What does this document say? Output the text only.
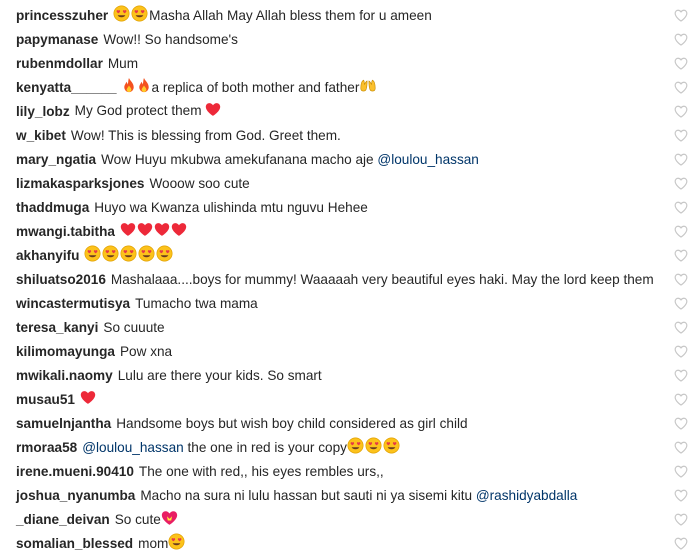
princesszuher	Masha Allah May Allah bless them for u ameen
papymanase Wow!! So handsome's
rubenmdollar Mum
kenyatta______	a replica of both mother and father
lily_lobz My God protect them
w_kibet Wow! This is blessing from God. Greet them.
mary_ngatia Wow Huyu mkubwa amekufanana macho aje @loulou_hassan
lizmakasparksjones Wooow soo cute
thaddmuga Huyo wa Kwanza ulishinda mtu nguvu Hehee
mwangi.tabitha
akhanyifu
shiluatso2016 Mashalaaa....boys for mummy! Waaaaah very beautiful eyes haki. May the lord keep them
wincastermutisya Tumacho twa mama
teresa_kanyi So cuuute
kilimomayunga Pow xna
mwikali.naomy Lulu are there your kids. So smart
musau51
samuelnjantha Handsome boys but wish boy child considered as girl child
rmoraa58 @loulou_hassan the one in red is your copy
irene.mueni.90410 The one with red,, his eyes rembles urs,,
joshua_nyanumba Macho na sura ni lulu hassan but sauti ni ya sisemi kitu @rashidyabdalla
_diane_deivan So cute
somalian_blessed mom
